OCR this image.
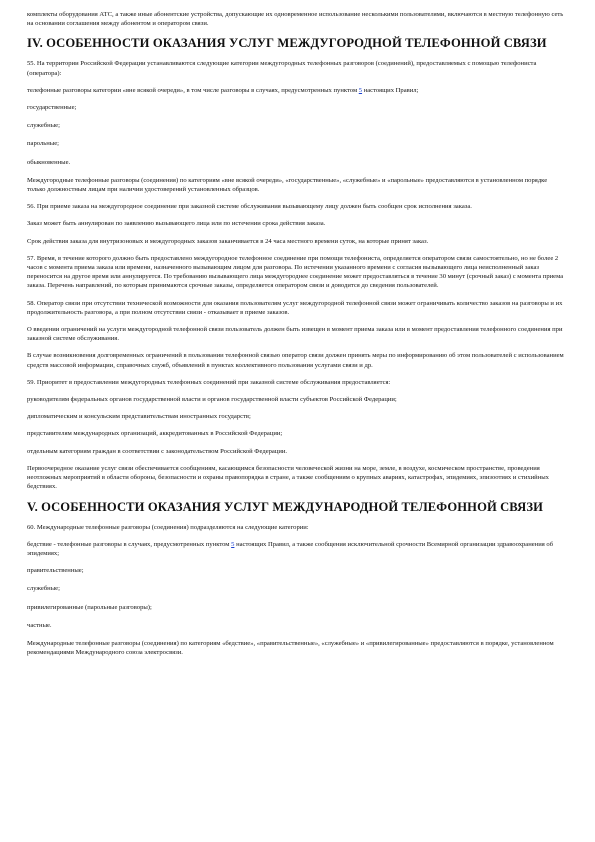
комплекты оборудования АТС, а также иные абонентские устройства, допускающие их одновременное использование несколькими пользователями, включаются в местную телефонную сеть на основании соглашения между абонентом и оператором связи.

IV. ОСОБЕННОСТИ ОКАЗАНИЯ УСЛУГ МЕЖДУГОРОДНОЙ ТЕЛЕФОННОЙ СВЯЗИ

55. На территории Российской Федерации устанавливаются следующие категории междугородных телефонных разговоров (соединений), предоставляемых с помощью телефониста (оператора):

телефонные разговоры категории «вне всякой очереди», в том числе разговоры в случаях, предусмотренных пунктом 5 настоящих Правил;

государственные;

служебные;

парольные;

обыкновенные.

Междугородные телефонные разговоры (соединения) по категориям «вне всякой очереди», «государственные», «служебные» и «парольные» предоставляются в установленном порядке только должностным лицам при наличии удостоверений установленных образцов.

56. При приеме заказа на междугородное соединение при заказной системе обслуживания вызывающему лицу должен быть сообщен срок исполнения заказа.

Заказ может быть аннулирован по заявлению вызывающего лица или по истечении срока действия заказа.

Срок действия заказа для внутризоновых и междугородных заказов заканчивается в 24 часа местного времени суток, на которые принят заказ.

57. Время, в течение которого должно быть предоставлено междугородное телефонное соединение при помощи телефониста, определяется оператором связи самостоятельно, но не более 2 часов с момента приема заказа или времени, назначенного вызывающим лицом для разговора. По истечении указанного времени с согласия вызывающего лица неисполненный заказ переносится на другое время или аннулируется. По требованию вызывающего лица междугороднее соединение может предоставляться в течение 30 минут (срочный заказ) с момента приема заказа. Перечень направлений, по которым принимаются срочные заказы, определяется оператором связи и доводится до сведения пользователей.

58. Оператор связи при отсутствии технической возможности для оказания пользователям услуг междугородной телефонной связи может ограничивать количество заказов на разговоры и их продолжительность разговора, а при полном отсутствии связи - отказывает в приеме заказов.

О введении ограничений на услуги междугородной телефонной связи пользователь должен быть извещен в момент приема заказа или в момент предоставления телефонного соединения при заказной системе обслуживания.

В случае возникновения долговременных ограничений в пользовании телефонной связью оператор связи должен принять меры по информированию об этом пользователей с использованием средств массовой информации, справочных служб, объявлений в пунктах коллективного пользования услугами связи и др.

59. Приоритет в предоставлении междугородных телефонных соединений при заказной системе обслуживания предоставляется:

руководителям федеральных органов государственной власти и органов государственной власти субъектов Российской Федерации;

дипломатическим и консульским представительствам иностранных государств;

представителям международных организаций, аккредитованных в Российской Федерации;

отдельным категориям граждан в соответствии с законодательством Российской Федерации.

Первоочередное оказание услуг связи обеспечивается сообщениям, касающимся безопасности человеческой жизни на море, земле, в воздухе, космическом пространстве, проведения неотложных мероприятий в области обороны, безопасности и охраны правопорядка в стране, а также сообщениям о крупных авариях, катастрофах, эпидемиях, эпизоотиях и стихийных бедствиях.

V. ОСОБЕННОСТИ ОКАЗАНИЯ УСЛУГ МЕЖДУНАРОДНОЙ ТЕЛЕФОННОЙ СВЯЗИ

60. Международные телефонные разговоры (соединения) подразделяются на следующие категории:

бедствие - телефонные разговоры в случаях, предусмотренных пунктом 5 настоящих Правил, а также сообщения исключительной срочности Всемирной организации здравоохранения об эпидемиях;

правительственные;

служебные;

привилегированные (парольные разговоры);

частные.

Международные телефонные разговоры (соединения) по категориям «бедствие», «правительственные», «служебные» и «привилегированные» предоставляются в порядке, установленном рекомендациями Международного союза электросвязи.
